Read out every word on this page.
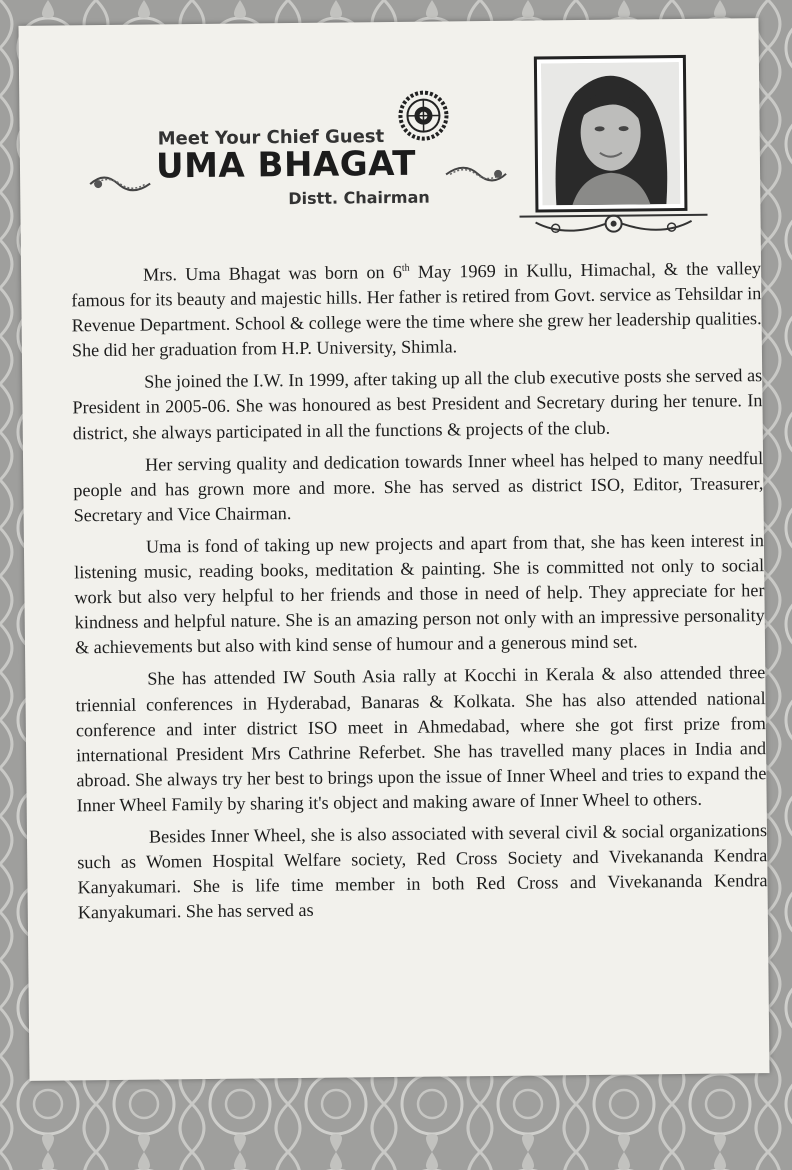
Meet Your Chief Guest
UMA BHAGAT
Distt. Chairman

Mrs. Uma Bhagat was born on 6th May 1969 in Kullu, Himachal, & the valley famous for its beauty and majestic hills. Her father is retired from Govt. service as Tehsildar in Revenue Department. School & college were the time where she grew her leadership qualities. She did her graduation from H.P. University, Shimla.

She joined the I.W. In 1999, after taking up all the club executive posts she served as President in 2005-06. She was honoured as best President and Secretary during her tenure. In district, she always participated in all the functions & projects of the club.

Her serving quality and dedication towards Inner wheel has helped to many needful people and has grown more and more. She has served as district ISO, Editor, Treasurer, Secretary and Vice Chairman.

Uma is fond of taking up new projects and apart from that, she has keen interest in listening music, reading books, meditation & painting. She is committed not only to social work but also very helpful to her friends and those in need of help. They appreciate for her kindness and helpful nature. She is an amazing person not only with an impressive personality & achievements but also with kind sense of humour and a generous mind set.

She has attended IW South Asia rally at Kocchi in Kerala & also attended three triennial conferences in Hyderabad, Banaras & Kolkata. She has also attended national conference and inter district ISO meet in Ahmedabad, where she got first prize from international President Mrs Cathrine Referbet. She has travelled many places in India and abroad. She always try her best to brings upon the issue of Inner Wheel and tries to expand the Inner Wheel Family by sharing it's object and making aware of Inner Wheel to others.

Besides Inner Wheel, she is also associated with several civil & social organizations such as Women Hospital Welfare society, Red Cross Society and Vivekananda Kendra Kanyakumari. She is life time member in both Red Cross and Vivekananda Kendra Kanyakumari. She has served as
